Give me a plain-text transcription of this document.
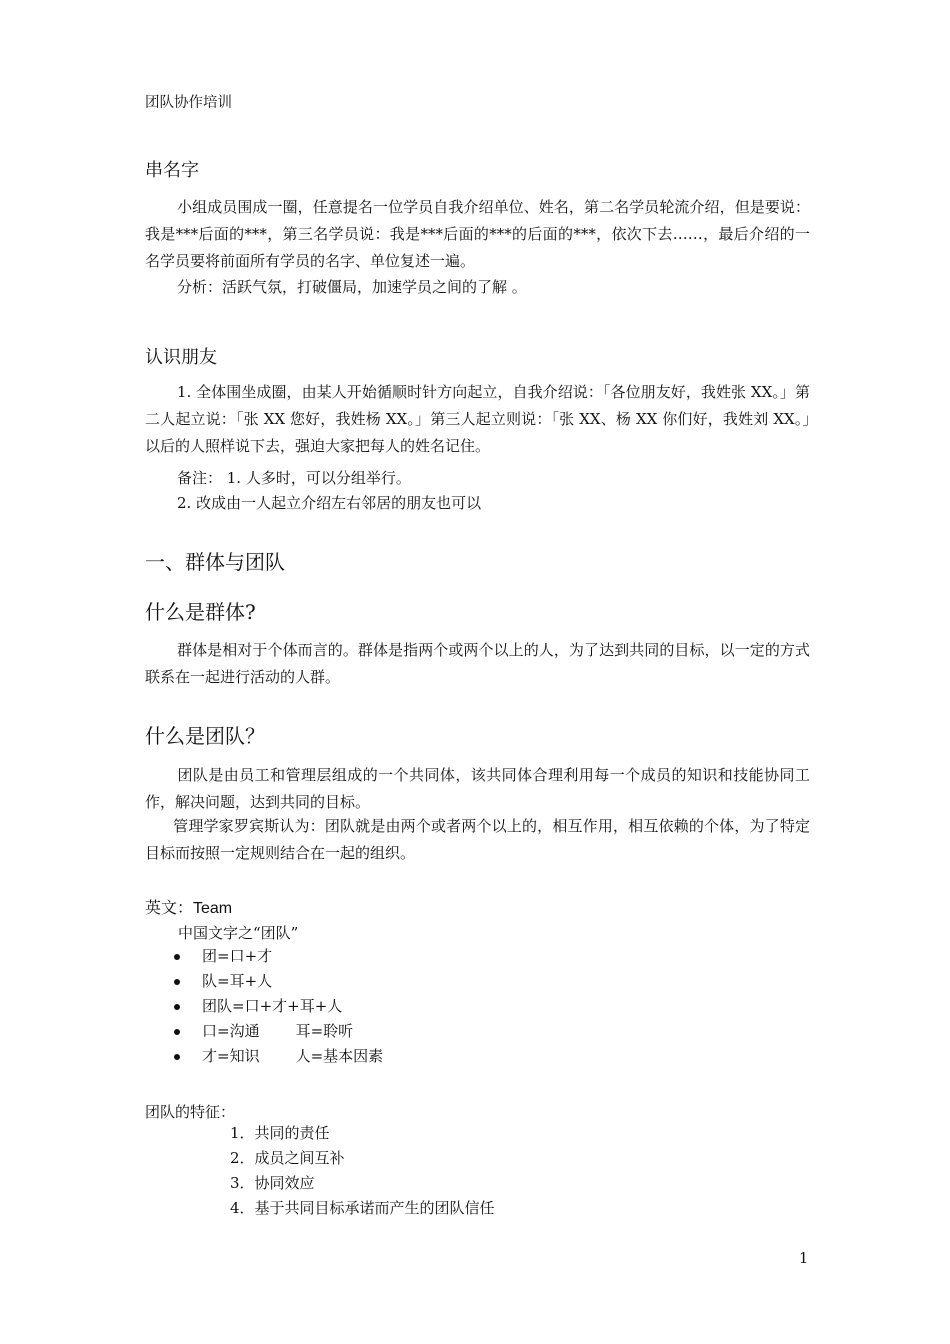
团队协作培训
串名字
小组成员围成一圈，任意提名一位学员自我介绍单位、姓名，第二名学员轮流介绍，但是要说：我是***后面的***，第三名学员说：我是***后面的***的后面的***，依次下去……，最后介绍的一名学员要将前面所有学员的名字、单位复述一遍。
分析：活跃气氛，打破僵局，加速学员之间的了解 。
认识朋友
1. 全体围坐成圈，由某人开始循顺时针方向起立，自我介绍说：「各位朋友好，我姓张 XX。」第二人起立说：「张 XX 您好，我姓杨 XX。」第三人起立则说：「张 XX、杨 XX 你们好，我姓刘 XX。」以后的人照样说下去，强迫大家把每人的姓名记住。
备注： 1. 人多时，可以分组举行。
2. 改成由一人起立介绍左右邻居的朋友也可以
一、群体与团队
什么是群体?
群体是相对于个体而言的。群体是指两个或两个以上的人，为了达到共同的目标，以一定的方式联系在一起进行活动的人群。
什么是团队？
团队是由员工和管理层组成的一个共同体，该共同体合理利用每一个成员的知识和技能协同工作，解决问题，达到共同的目标。
管理学家罗宾斯认为：团队就是由两个或者两个以上的，相互作用，相互依赖的个体，为了特定目标而按照一定规则结合在一起的组织。
英文：Team
中国文字之“团队”
团=口+才
队=耳+人
团队=口+才+耳+人
口=沟通 耳=聆听
才=知识 人=基本因素
团队的特征：
1．共同的责任
2．成员之间互补
3．协同效应
4．基于共同目标承诺而产生的团队信任
1
